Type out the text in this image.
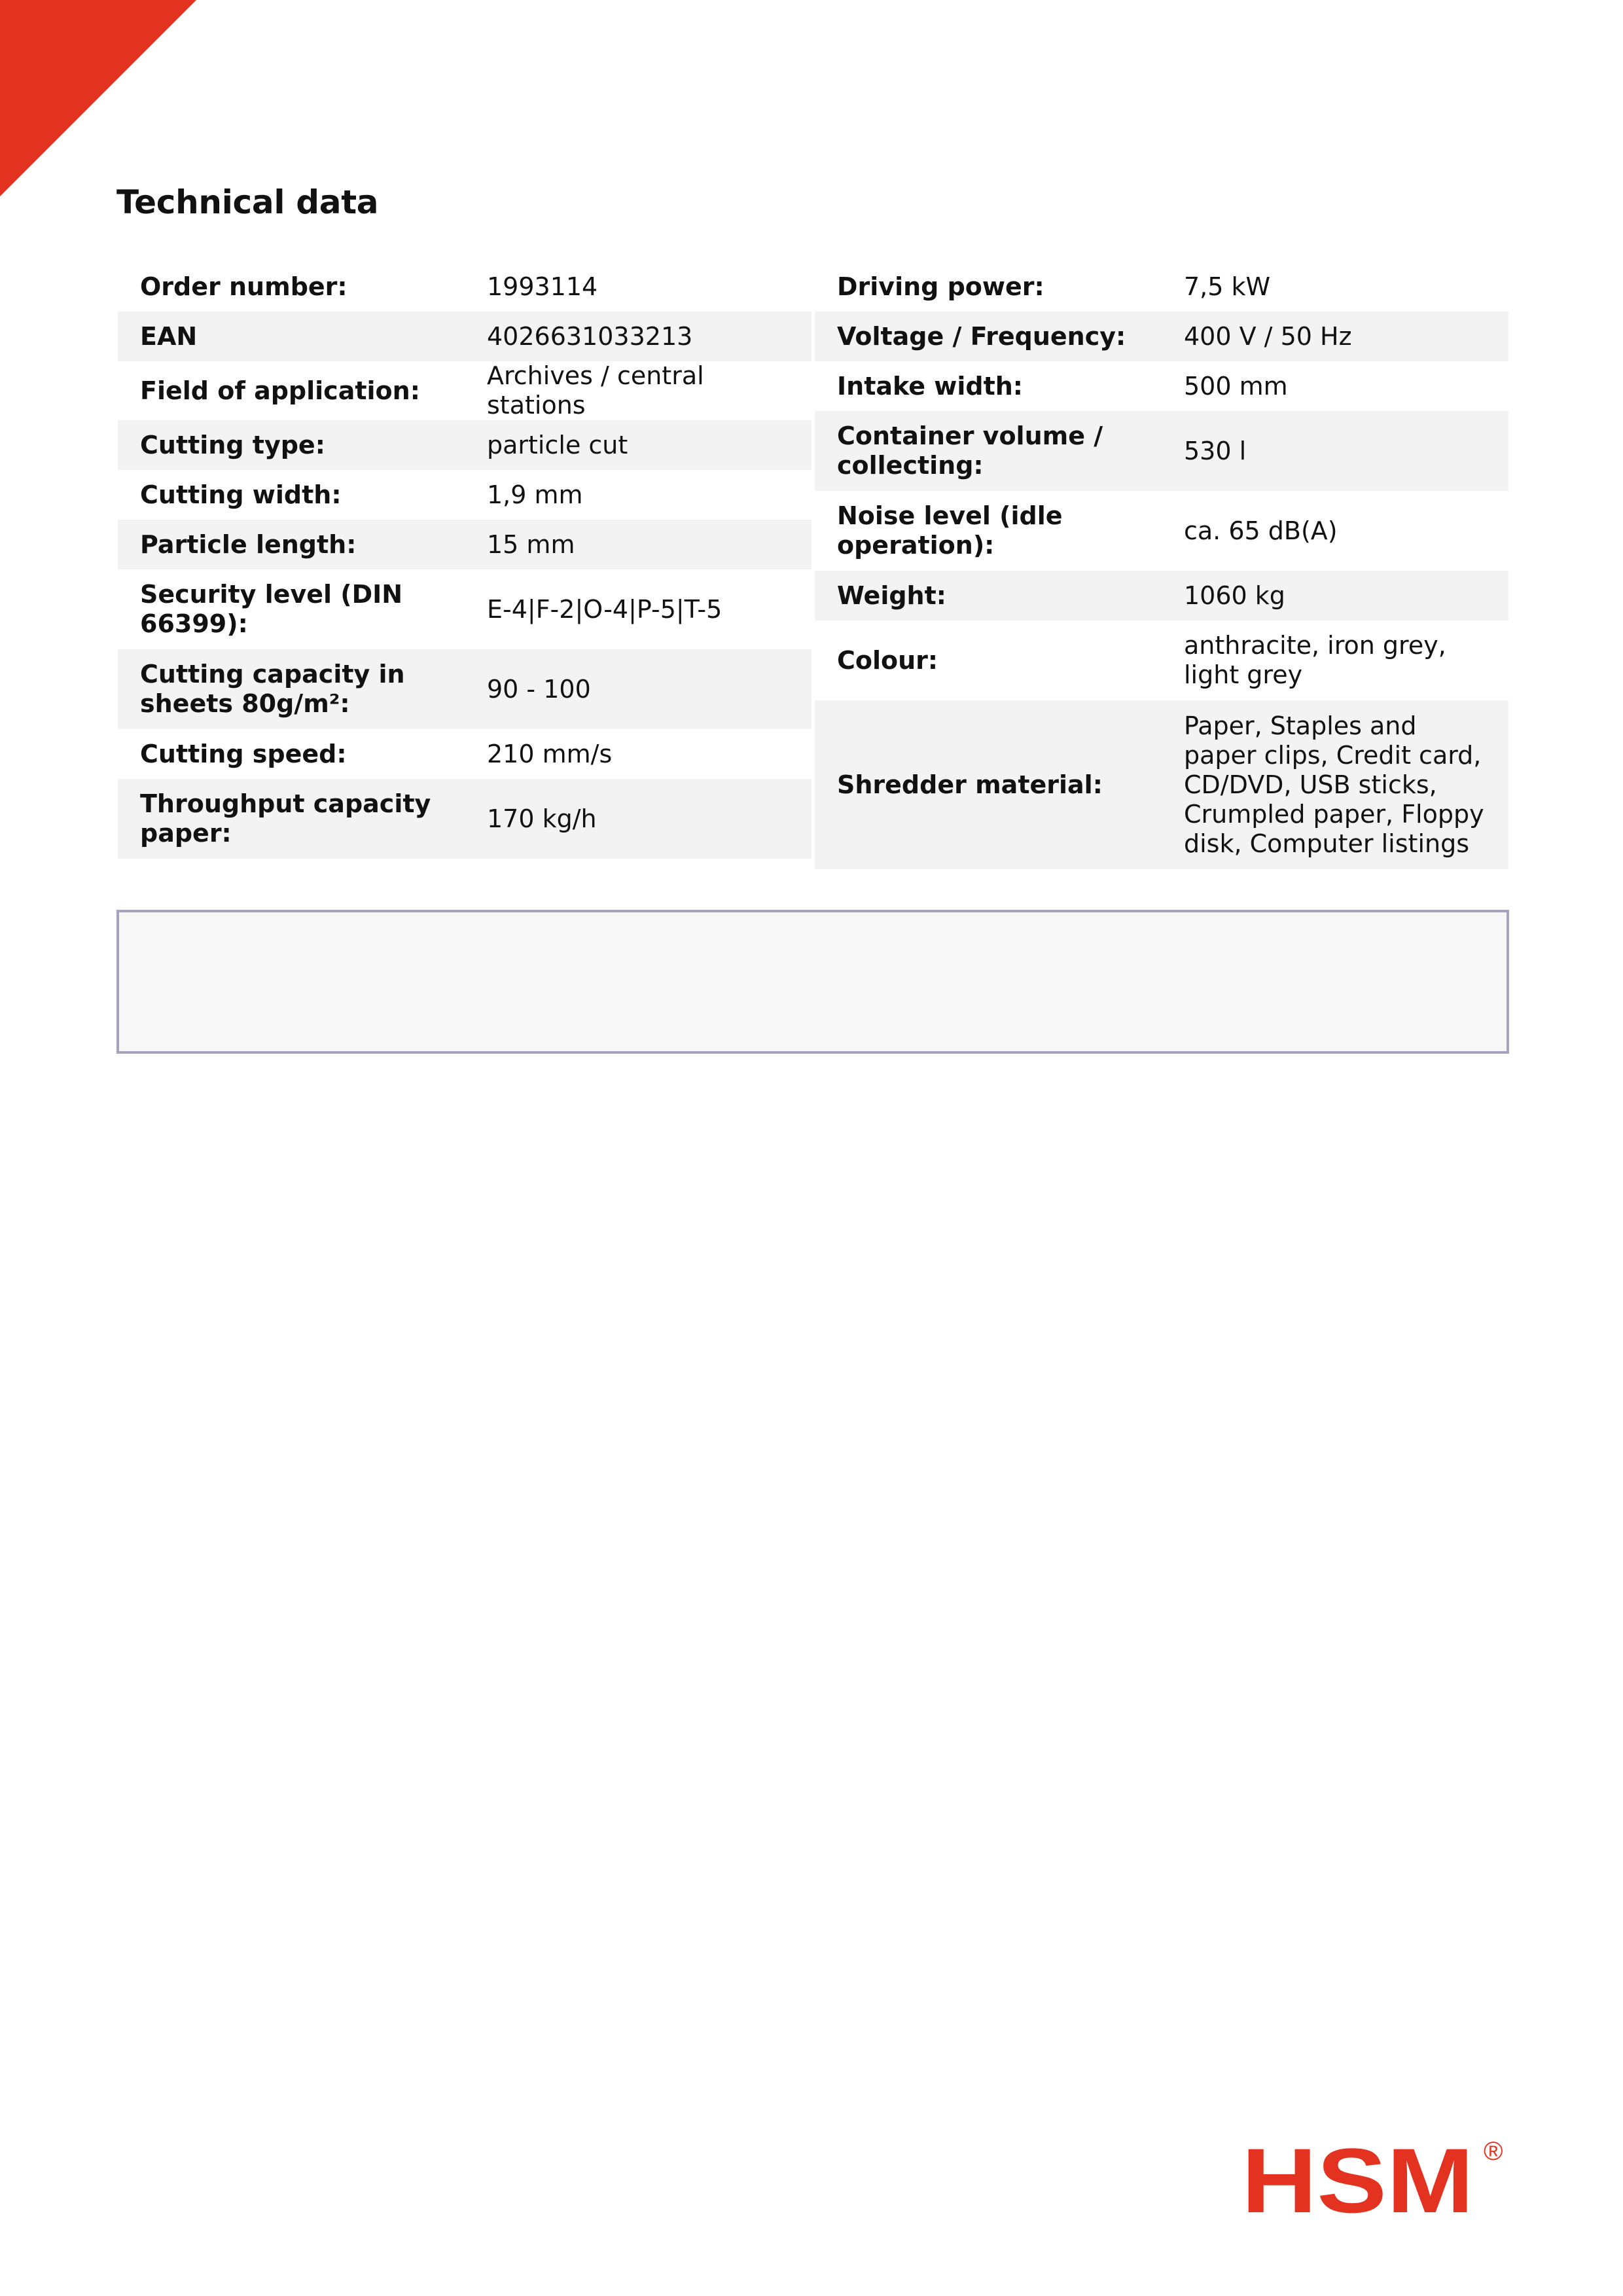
Technical data
Order number:	1993114
EAN	4026631033213
Field of application:	Archives / central stations
Cutting type:	particle cut
Cutting width:	1,9 mm
Particle length:	15 mm
Security level (DIN 66399):	E-4|F-2|O-4|P-5|T-5
Cutting capacity in sheets 80g/m²:	90 - 100
Cutting speed:	210 mm/s
Throughput capacity paper:	170 kg/h
Driving power:	7,5 kW
Voltage / Frequency:	400 V / 50 Hz
Intake width:	500 mm
Container volume / collecting:	530 l
Noise level (idle operation):	ca. 65 dB(A)
Weight:	1060 kg
Colour:	anthracite, iron grey, light grey
Shredder material:	Paper, Staples and paper clips, Credit card, CD/DVD, USB sticks, Crumpled paper, Floppy disk, Computer listings
HSM ®
